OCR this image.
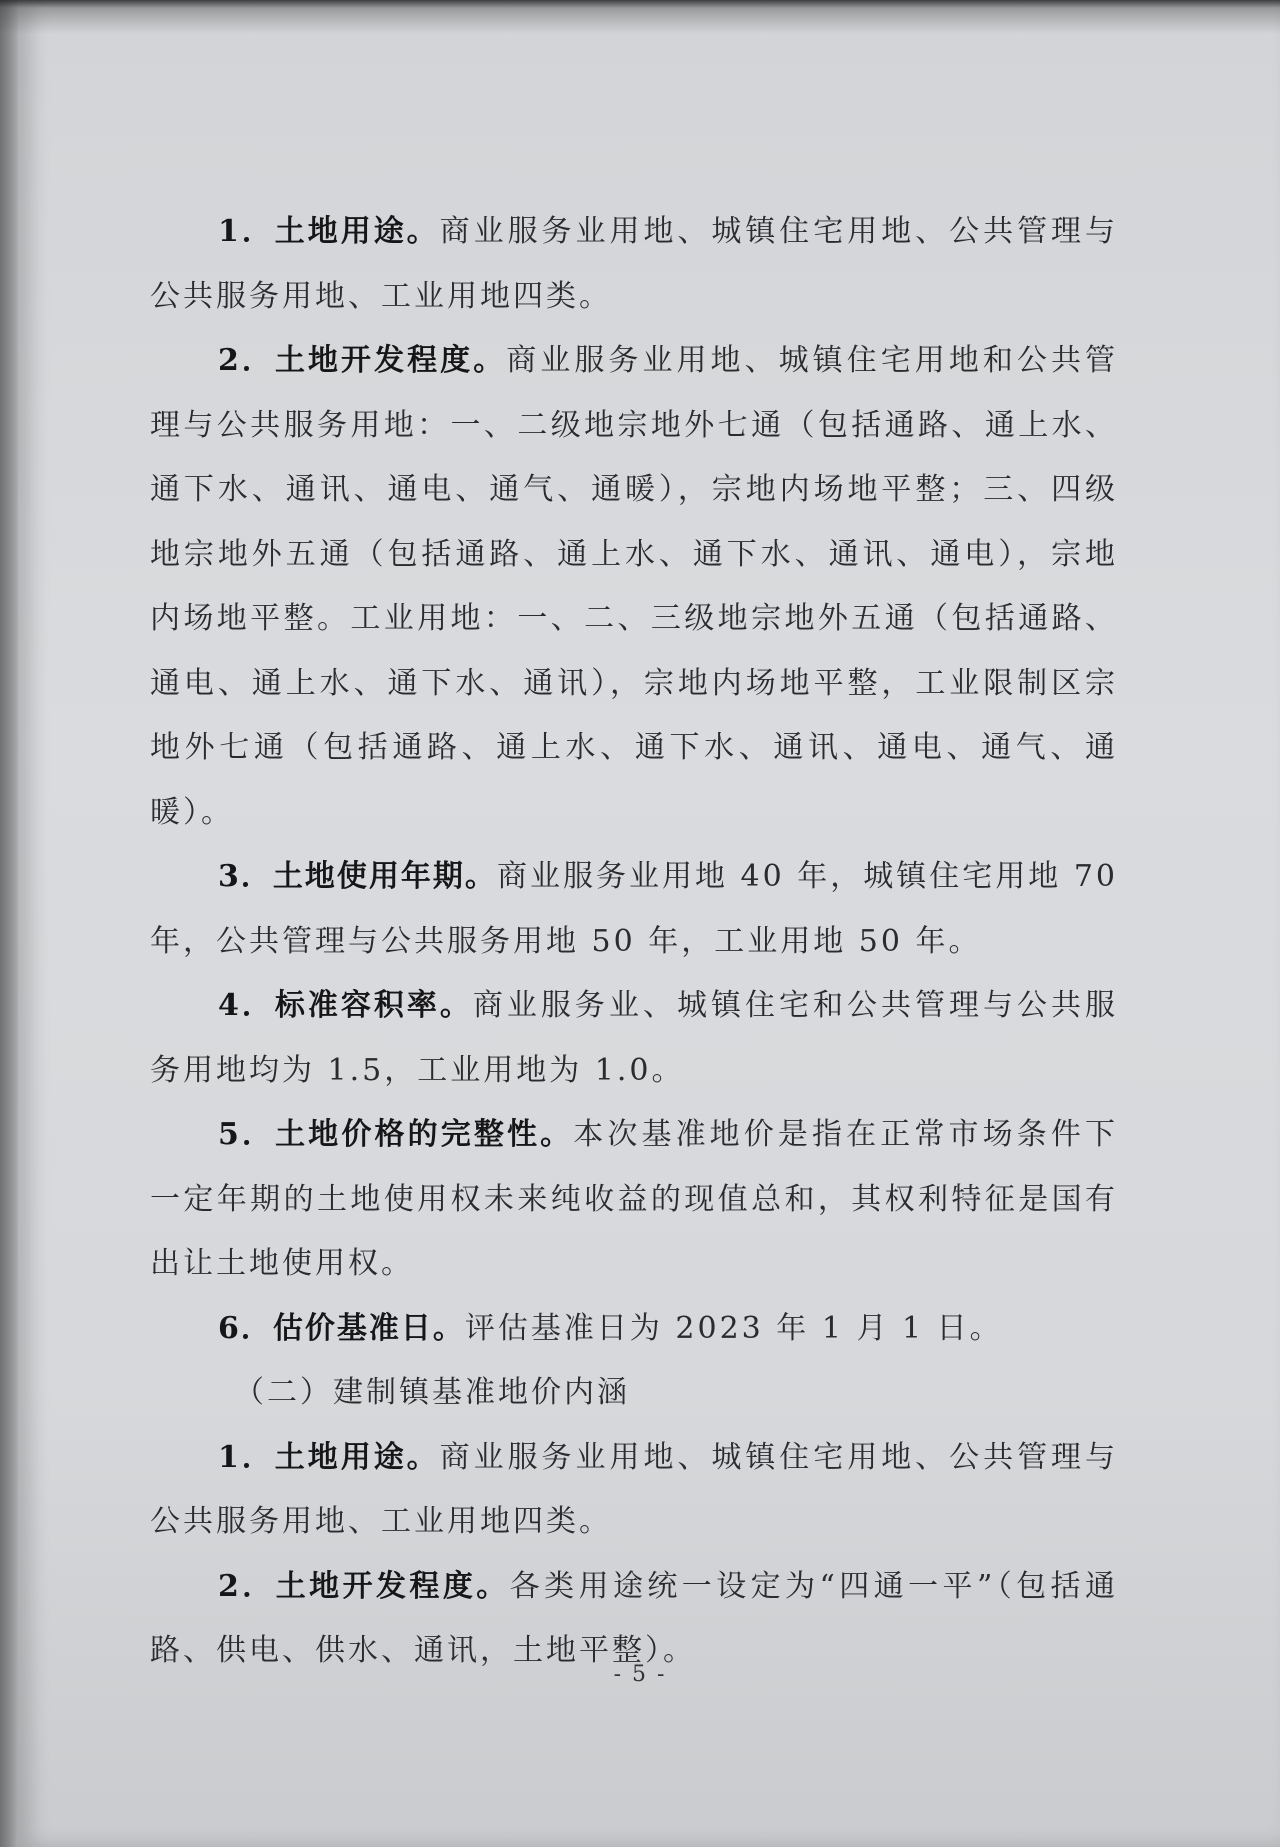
1．土地用途。商业服务业用地、城镇住宅用地、公共管理与公共服务用地、工业用地四类。

2．土地开发程度。商业服务业用地、城镇住宅用地和公共管理与公共服务用地：一、二级地宗地外七通（包括通路、通上水、通下水、通讯、通电、通气、通暖），宗地内场地平整；三、四级地宗地外五通（包括通路、通上水、通下水、通讯、通电），宗地内场地平整。工业用地：一、二、三级地宗地外五通（包括通路、通电、通上水、通下水、通讯），宗地内场地平整，工业限制区宗地外七通（包括通路、通上水、通下水、通讯、通电、通气、通暖）。

3．土地使用年期。商业服务业用地 40 年，城镇住宅用地 70 年，公共管理与公共服务用地 50 年，工业用地 50 年。

4．标准容积率。商业服务业、城镇住宅和公共管理与公共服务用地均为 1.5，工业用地为 1.0。

5．土地价格的完整性。本次基准地价是指在正常市场条件下一定年期的土地使用权未来纯收益的现值总和，其权利特征是国有出让土地使用权。

6．估价基准日。评估基准日为 2023 年 1 月 1 日。

（二）建制镇基准地价内涵

1．土地用途。商业服务业用地、城镇住宅用地、公共管理与公共服务用地、工业用地四类。

2．土地开发程度。各类用途统一设定为“四通一平”（包括通路、供电、供水、通讯，土地平整）。

- 5 -
